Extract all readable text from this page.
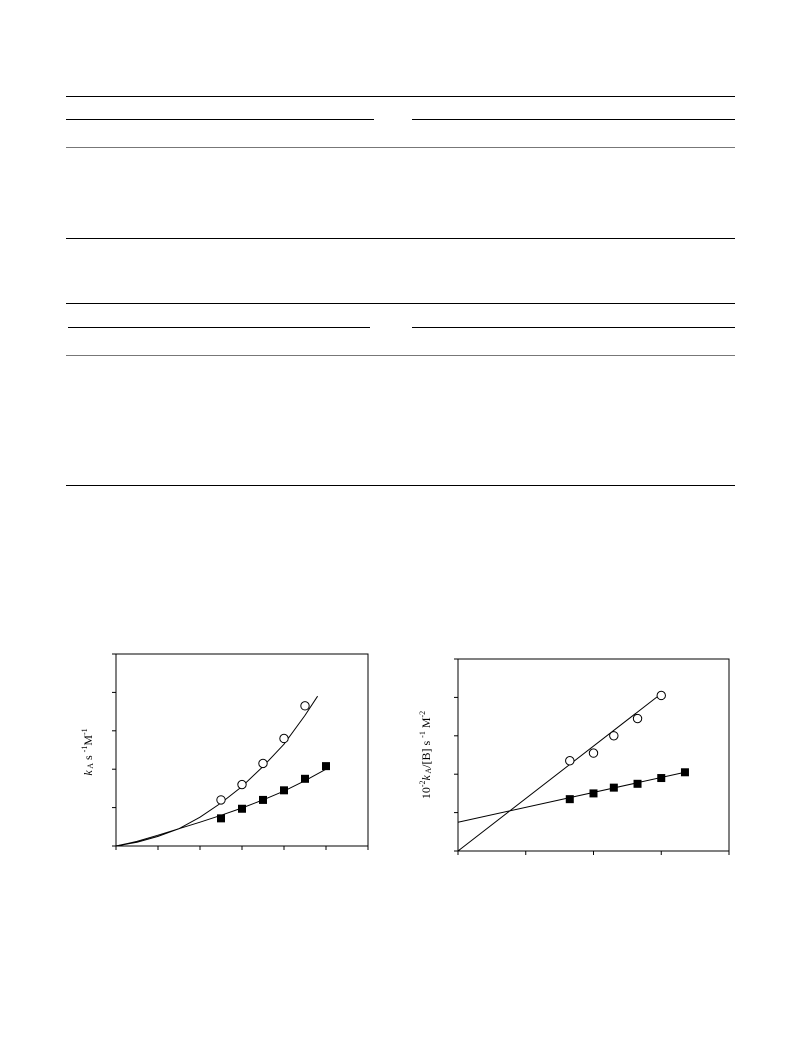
k A s $^{-1}M^{-1}$
$10^{-2}k$ A/[B] s $^{-1}$ $M^{-2}$
